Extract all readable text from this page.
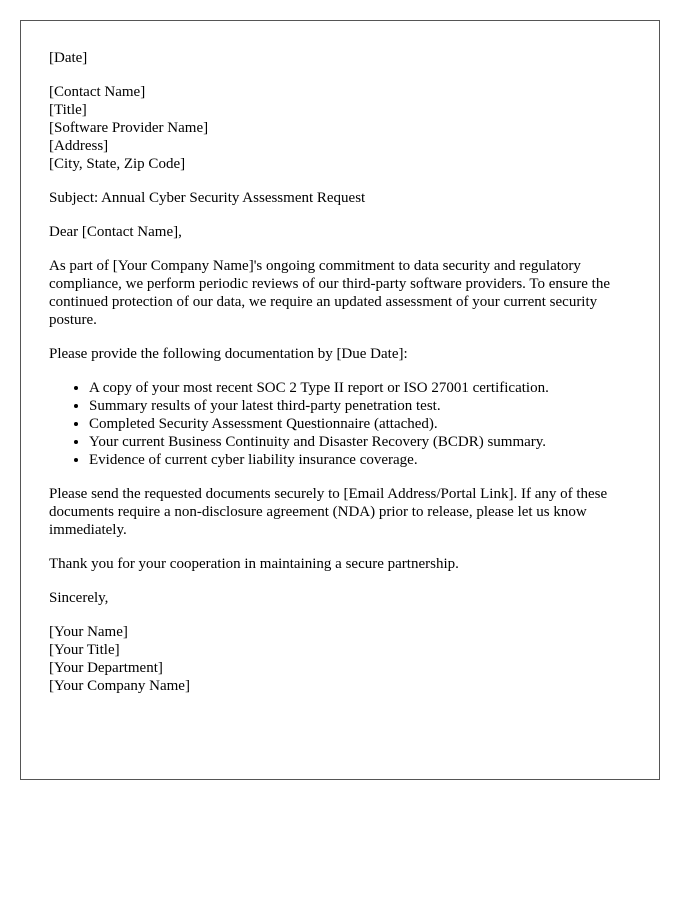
[Date]

[Contact Name]
[Title]
[Software Provider Name]
[Address]
[City, State, Zip Code]

Subject: Annual Cyber Security Assessment Request

Dear [Contact Name],

As part of [Your Company Name]'s ongoing commitment to data security and regulatory compliance, we perform periodic reviews of our third-party software providers. To ensure the continued protection of our data, we require an updated assessment of your current security posture.

Please provide the following documentation by [Due Date]:

• A copy of your most recent SOC 2 Type II report or ISO 27001 certification.
• Summary results of your latest third-party penetration test.
• Completed Security Assessment Questionnaire (attached).
• Your current Business Continuity and Disaster Recovery (BCDR) summary.
• Evidence of current cyber liability insurance coverage.

Please send the requested documents securely to [Email Address/Portal Link]. If any of these documents require a non-disclosure agreement (NDA) prior to release, please let us know immediately.

Thank you for your cooperation in maintaining a secure partnership.

Sincerely,

[Your Name]
[Your Title]
[Your Department]
[Your Company Name]
